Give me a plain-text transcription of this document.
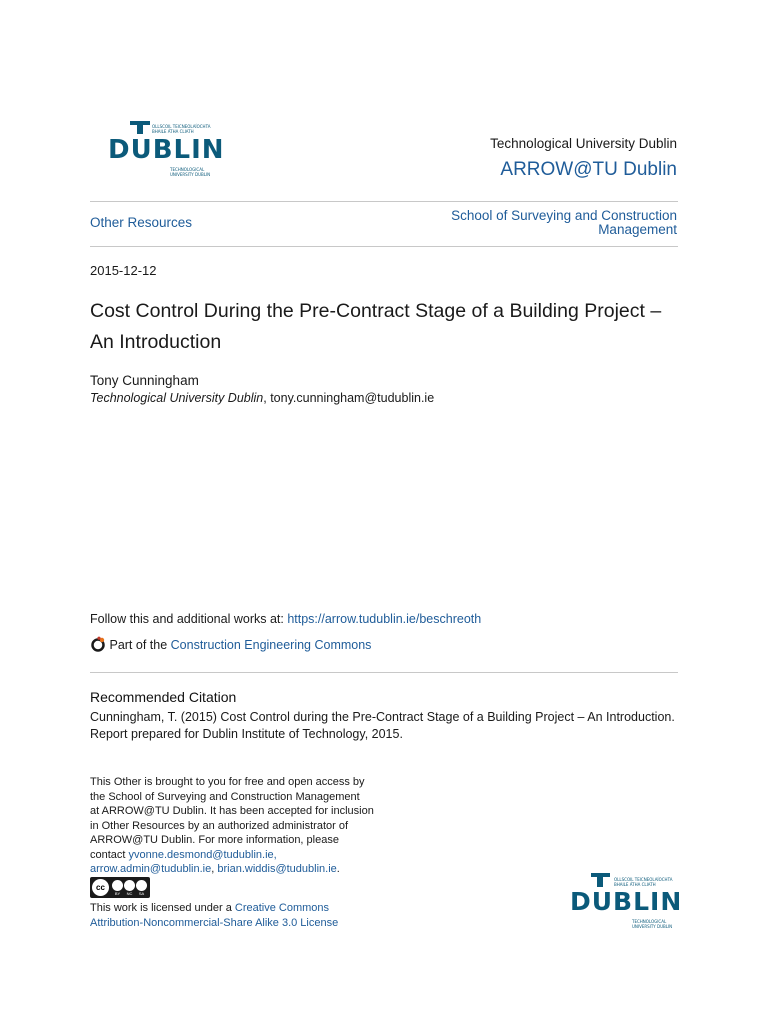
OLLSCOIL TEICNEOLAÍOCHTA
BHAILE ÁTHA CLIATH
DUBLIN
TECHNOLOGICAL
UNIVERSITY DUBLIN
Technological University Dublin
ARROW@TU Dublin
Other Resources	School of Surveying and Construction
Management
2015-12-12
Cost Control During the Pre-Contract Stage of a Building Project –
An Introduction
Tony Cunningham
Technological University Dublin, tony.cunningham@tudublin.ie
Follow this and additional works at: https://arrow.tudublin.ie/beschreoth
Part of the Construction Engineering Commons
Recommended Citation
Cunningham, T. (2015) Cost Control during the Pre-Contract Stage of a Building Project – An Introduction.
Report prepared for Dublin Institute of Technology, 2015.
This Other is brought to you for free and open access by
the School of Surveying and Construction Management
at ARROW@TU Dublin. It has been accepted for inclusion
in Other Resources by an authorized administrator of
ARROW@TU Dublin. For more information, please
contact yvonne.desmond@tudublin.ie,
arrow.admin@tudublin.ie, brian.widdis@tudublin.ie.
cc
BY	NC	SA
This work is licensed under a Creative Commons
Attribution-Noncommercial-Share Alike 3.0 License
OLLSCOIL TEICNEOLAÍOCHTA
BHAILE ÁTHA CLIATH
DUBLIN
TECHNOLOGICAL
UNIVERSITY DUBLIN
